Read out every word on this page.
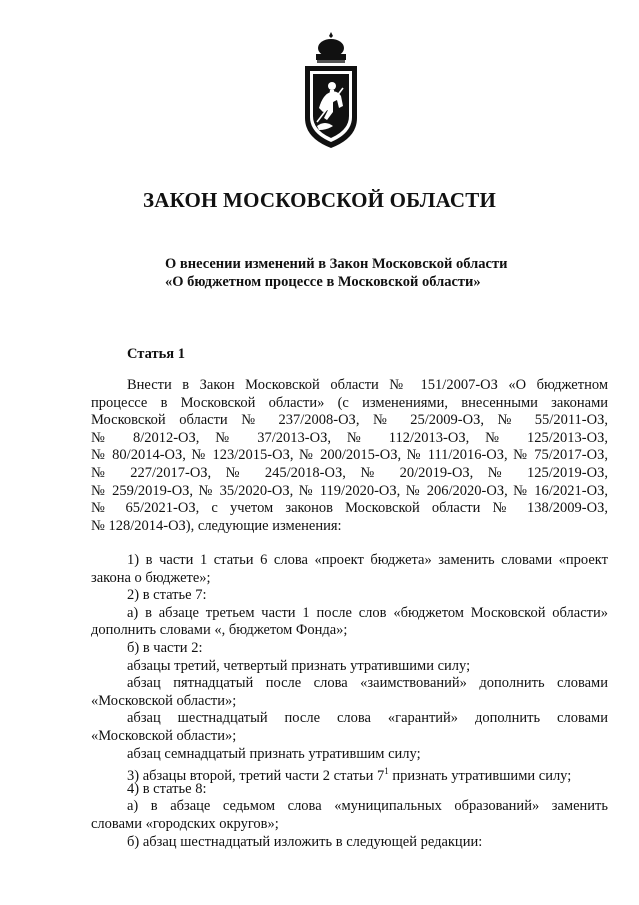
ЗАКОН МОСКОВСКОЙ ОБЛАСТИ
О внесении изменений в Закон Московской области
«О бюджетном процессе в Московской области»
Статья 1
Внести в Закон Московской области № 151/2007-ОЗ «О бюджетном
процессе в Московской области» (с изменениями, внесенными законами
Московской области № 237/2008-ОЗ, № 25/2009-ОЗ, № 55/2011-ОЗ,
№ 8/2012-ОЗ, № 37/2013-ОЗ, № 112/2013-ОЗ, № 125/2013-ОЗ,
№ 80/2014-ОЗ, № 123/2015-ОЗ, № 200/2015-ОЗ, № 111/2016-ОЗ, № 75/2017-ОЗ,
№ 227/2017-ОЗ, № 245/2018-ОЗ, № 20/2019-ОЗ, № 125/2019-ОЗ,
№ 259/2019-ОЗ, № 35/2020-ОЗ, № 119/2020-ОЗ, № 206/2020-ОЗ, № 16/2021-ОЗ,
№ 65/2021-ОЗ, с учетом законов Московской области № 138/2009-ОЗ,
№ 128/2014-ОЗ), следующие изменения:
1) в части 1 статьи 6 слова «проект бюджета» заменить словами «проект
закона о бюджете»;
2) в статье 7:
а) в абзаце третьем части 1 после слов «бюджетом Московской области»
дополнить словами «, бюджетом Фонда»;
б) в части 2:
абзацы третий, четвертый признать утратившими силу;
абзац пятнадцатый после слова «заимствований» дополнить словами
«Московской области»;
абзац шестнадцатый после слова «гарантий» дополнить словами
«Московской области»;
абзац семнадцатый признать утратившим силу;
3) абзацы второй, третий части 2 статьи $7^1$ признать утратившими силу;
4) в статье 8:
а) в абзаце седьмом слова «муниципальных образований» заменить
словами «городских округов»;
б) абзац шестнадцатый изложить в следующей редакции:
